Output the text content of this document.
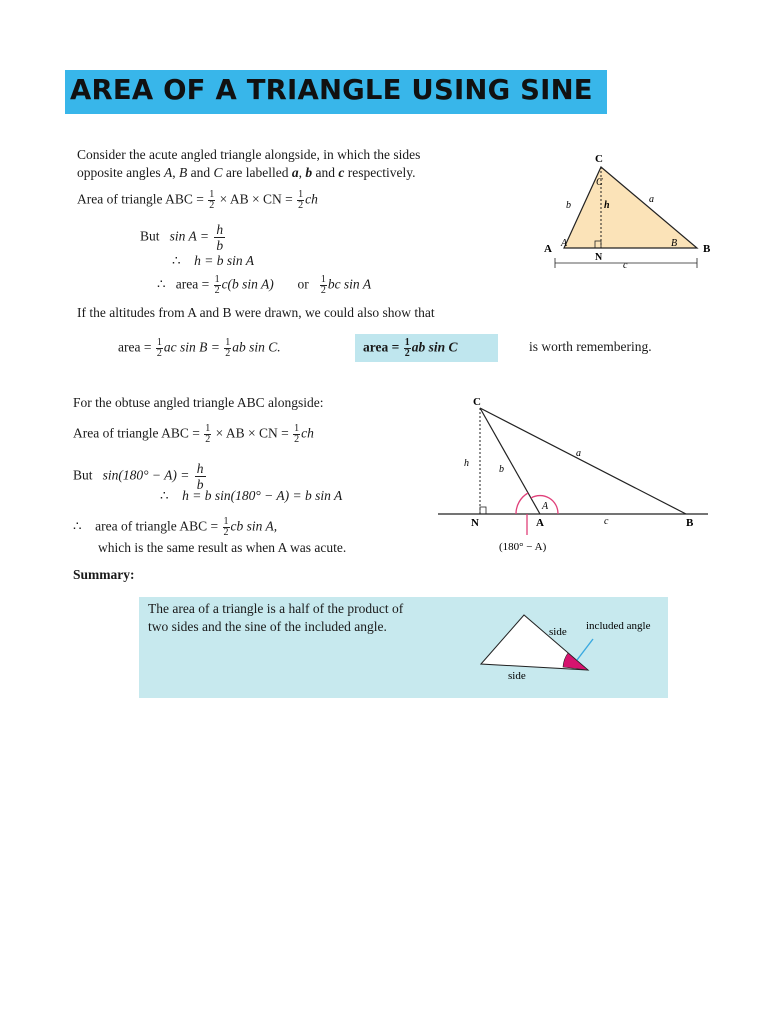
AREA OF A TRIANGLE USING SINE
Consider the acute angled triangle alongside, in which the sides
opposite angles A, B and C are labelled a, b and c respectively.
Area of triangle ABC = $\frac{1}{2}$ × AB × CN = $\frac{1}{2}$ ch
But $\sin A = \frac{h}{b}$
∴ h = b sin A
∴ area = $\frac{1}{2} c(b$ sin A) or $\frac{1}{2}$ bc sin A
C
C
A A	B
B
N
a
b	h
c
If the altitudes from A and B were drawn, we could also show that
area = $\frac{1}{2}$ ac $\sin B = \frac{1}{2}$ ab sin C.	area = $\frac{1}{2}$ ab sin C	is worth remembering.
For the obtuse angled triangle ABC alongside:
Area of triangle ABC = $\frac{1}{2}$ × AB × CN = $\frac{1}{2}$ ch
But $\sin(180^\circ - A) = \frac{h}{b}$
∴ h = b sin(180° − A) = b sin A
∴ area of triangle ABC = $\frac{1}{2}$ cb sin A,
which is the same result as when A was acute.
C
h
b
a
A
N	A	c	B
(180° − A)
Summary:
The area of a triangle is a half of the product of
two sides and the sine of the included angle.	side included angle
side
